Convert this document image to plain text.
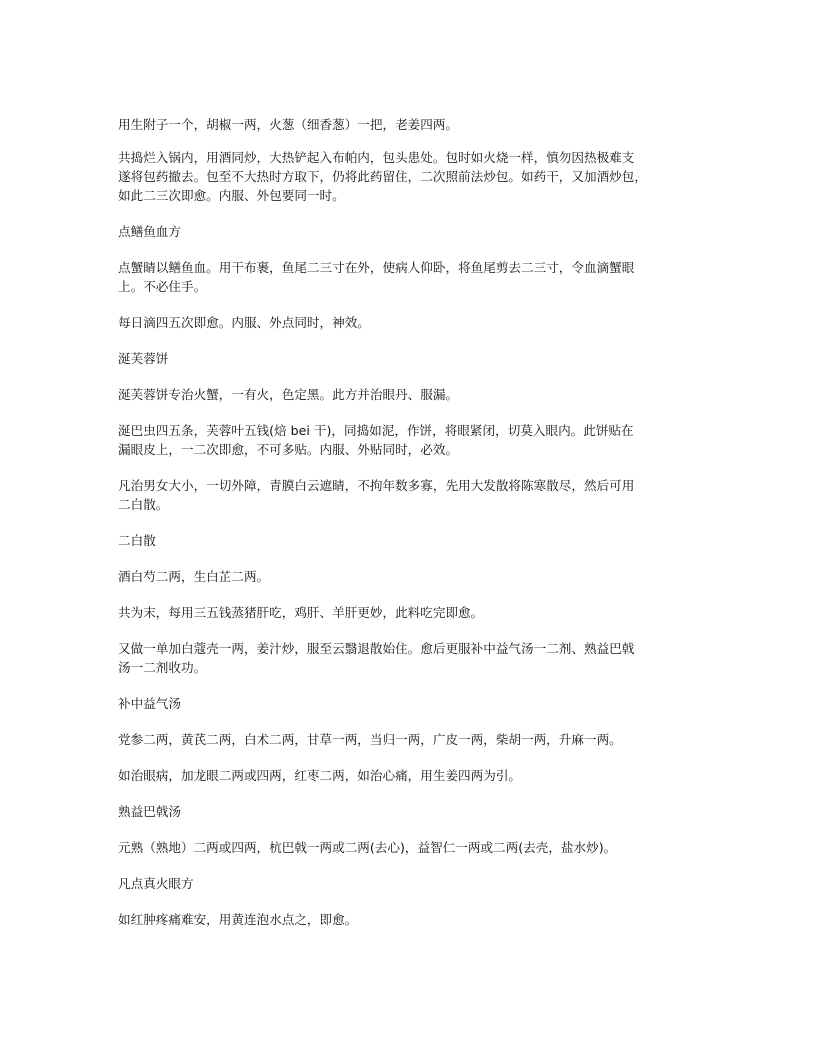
用生附子一个，胡椒一两，火葱（细香葱）一把，老姜四两。

共捣烂入锅内，用酒同炒，大热铲起入布帕内，包头患处。包时如火烧一样，慎勿因热极难支
遂将包药撤去。包至不大热时方取下，仍将此药留住，二次照前法炒包。如药干，又加酒炒包，
如此二三次即愈。内服、外包要同一时。

点鳝鱼血方

点蟹睛以鳝鱼血。用干布裹，鱼尾二三寸在外，使病人仰卧，将鱼尾剪去二三寸，令血滴蟹眼
上。不必住手。

每日滴四五次即愈。内服、外点同时，神效。

涎芙蓉饼

涎芙蓉饼专治火蟹，一有火，色定黑。此方并治眼丹、服漏。

涎巴虫四五条，芙蓉叶五钱(焙 bei 干)，同捣如泥，作饼，将眼紧闭，切莫入眼内。此饼贴在
漏眼皮上，一二次即愈，不可多贴。内服、外贴同时，必效。

凡治男女大小，一切外障，青膜白云遮睛，不拘年数多寡，先用大发散将陈寒散尽，然后可用
二白散。

二白散

酒白芍二两，生白芷二两。

共为末，每用三五钱蒸猪肝吃，鸡肝、羊肝更妙，此料吃完即愈。

又做一单加白蔻壳一两，姜汁炒，服至云翳退散始住。愈后更服补中益气汤一二剂、熟益巴戟
汤一二剂收功。

补中益气汤

党参二两，黄芪二两，白术二两，甘草一两，当归一两，广皮一两，柴胡一两，升麻一两。

如治眼病，加龙眼二两或四两，红枣二两，如治心痛，用生姜四两为引。

熟益巴戟汤

元熟（熟地）二两或四两，杭巴戟一两或二两(去心)，益智仁一两或二两(去壳，盐水炒)。

凡点真火眼方

如红肿疼痛难安，用黄连泡水点之，即愈。
